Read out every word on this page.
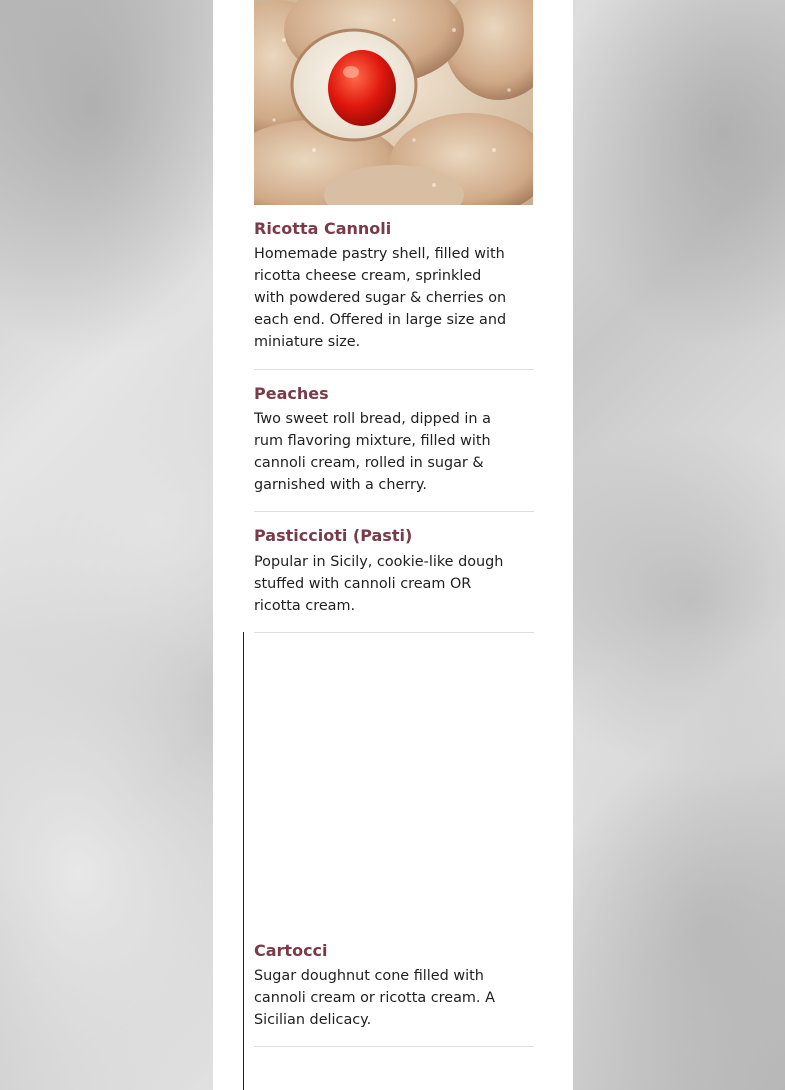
Ricotta Cannoli

Homemade pastry shell, filled with ricotta cheese cream, sprinkled with powdered sugar & cherries on each end. Offered in large size and miniature size.

Peaches

Two sweet roll bread, dipped in a rum flavoring mixture, filled with cannoli cream, rolled in sugar & garnished with a cherry.

Pasticcioti (Pasti)

Popular in Sicily, cookie-like dough stuffed with cannoli cream OR ricotta cream.

Cartocci

Sugar doughnut cone filled with cannoli cream or ricotta cream. A Sicilian delicacy.
